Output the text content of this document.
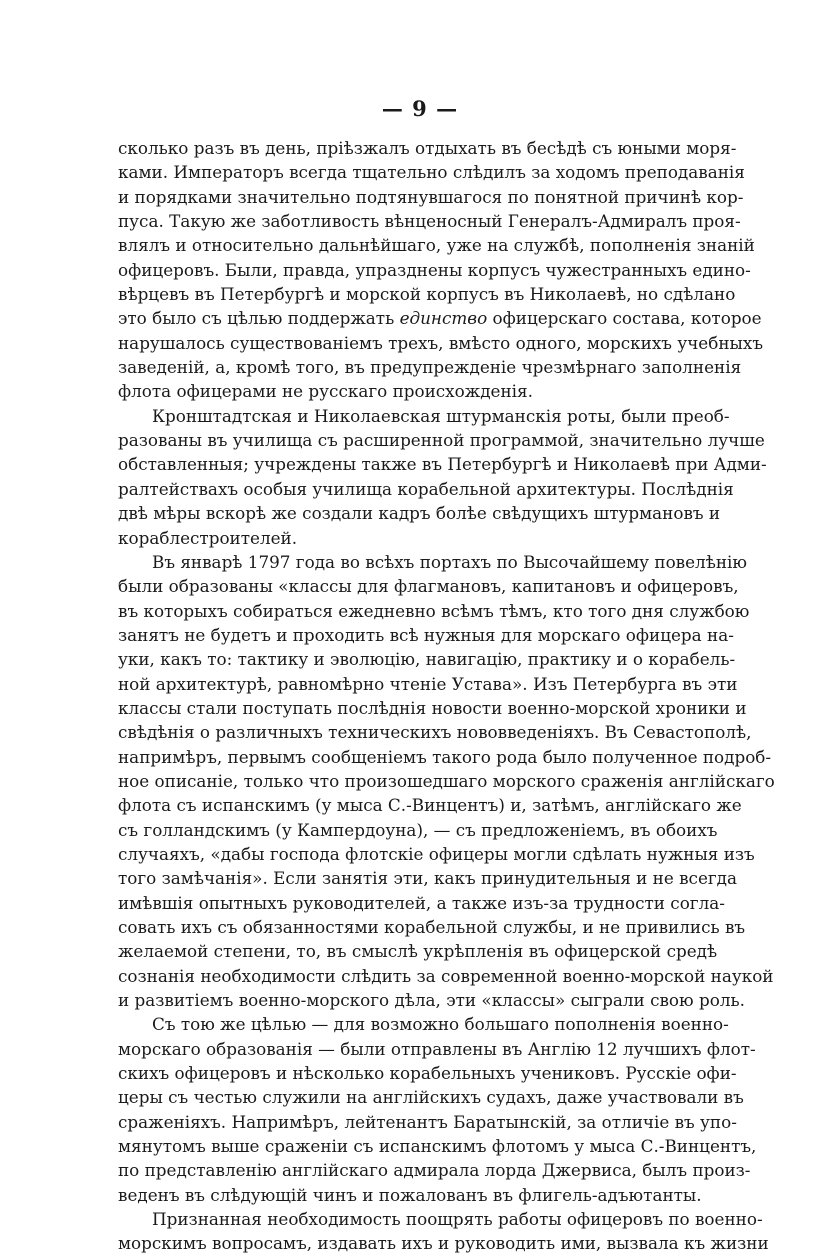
— 9 —
сколько разъ въ день, пріѣзжалъ отдыхать въ бесѣдѣ съ юными моря-
ками. Императоръ всегда тщательно слѣдилъ за ходомъ преподаванія
и порядками значительно подтянувшагося по понятной причинѣ кор-
пуса. Такую же заботливость вѣнценосный Генералъ-Адмиралъ проя-
влялъ и относительно дальнѣйшаго, уже на службѣ, пополненія знаній
офицеровъ. Были, правда, упразднены корпусъ чужестранныхъ едино-
вѣрцевъ въ Петербургѣ и морской корпусъ въ Николаевѣ, но сдѣлано
это было съ цѣлью поддержать единство офицерскаго состава, которое
нарушалось существованіемъ трехъ, вмѣсто одного, морскихъ учебныхъ
заведеній, а, кромѣ того, въ предупрежденіе чрезмѣрнаго заполненія
флота офицерами не русскаго происхожденія.
Кронштадтская и Николаевская штурманскія роты, были преоб-
разованы въ училища съ расширенной программой, значительно лучше
обставленныя; учреждены также въ Петербургѣ и Николаевѣ при Адми-
ралтействахъ особыя училища корабельной архитектуры. Послѣднія
двѣ мѣры вскорѣ же создали кадръ болѣе свѣдущихъ штурмановъ и
кораблестроителей.
Въ январѣ 1797 года во всѣхъ портахъ по Высочайшему повелѣнію
были образованы «классы для флагмановъ, капитановъ и офицеровъ,
въ которыхъ собираться ежедневно всѣмъ тѣмъ, кто того дня службою
занятъ не будетъ и проходить всѣ нужныя для морскаго офицера на-
уки, какъ то: тактику и эволюцію, навигацію, практику и о корабель-
ной архитектурѣ, равномѣрно чтеніе Устава». Изъ Петербурга въ эти
классы стали поступать послѣднія новости военно-морской хроники и
свѣдѣнія о различныхъ техническихъ нововведеніяхъ. Въ Севастополѣ,
напримѣръ, первымъ сообщеніемъ такого рода было полученное подроб-
ное описаніе, только что произошедшаго морского сраженія англійскаго
флота съ испанскимъ (у мыса С.-Винцентъ) и, затѣмъ, англійскаго же
съ голландскимъ (у Кампердоуна), — съ предложеніемъ, въ обоихъ
случаяхъ, «дабы господа флотскіе офицеры могли сдѣлать нужныя изъ
того замѣчанія». Если занятія эти, какъ принудительныя и не всегда
имѣвшія опытныхъ руководителей, а также изъ-за трудности согла-
совать ихъ съ обязанностями корабельной службы, и не привились въ
желаемой степени, то, въ смыслѣ укрѣпленія въ офицерской средѣ
сознанія необходимости слѣдить за современной военно-морской наукой
и развитіемъ военно-морского дѣла, эти «классы» сыграли свою роль.
Съ тою же цѣлью — для возможно большаго пополненія военно-
морскаго образованія — были отправлены въ Англію 12 лучшихъ флот-
скихъ офицеровъ и нѣсколько корабельныхъ учениковъ. Русскіе офи-
церы съ честью служили на англійскихъ судахъ, даже участвовали въ
сраженіяхъ. Напримѣръ, лейтенантъ Баратынскій, за отличіе въ упо-
мянутомъ выше сраженіи съ испанскимъ флотомъ у мыса С.-Винцентъ,
по представленію англійскаго адмирала лорда Джервиса, былъ произ-
веденъ въ слѣдующій чинъ и пожалованъ въ флигель-адъютанты.
Признанная необходимость поощрять работы офицеровъ по военно-
морскимъ вопросамъ, издавать ихъ и руководить ими, вызвала къ жизни
